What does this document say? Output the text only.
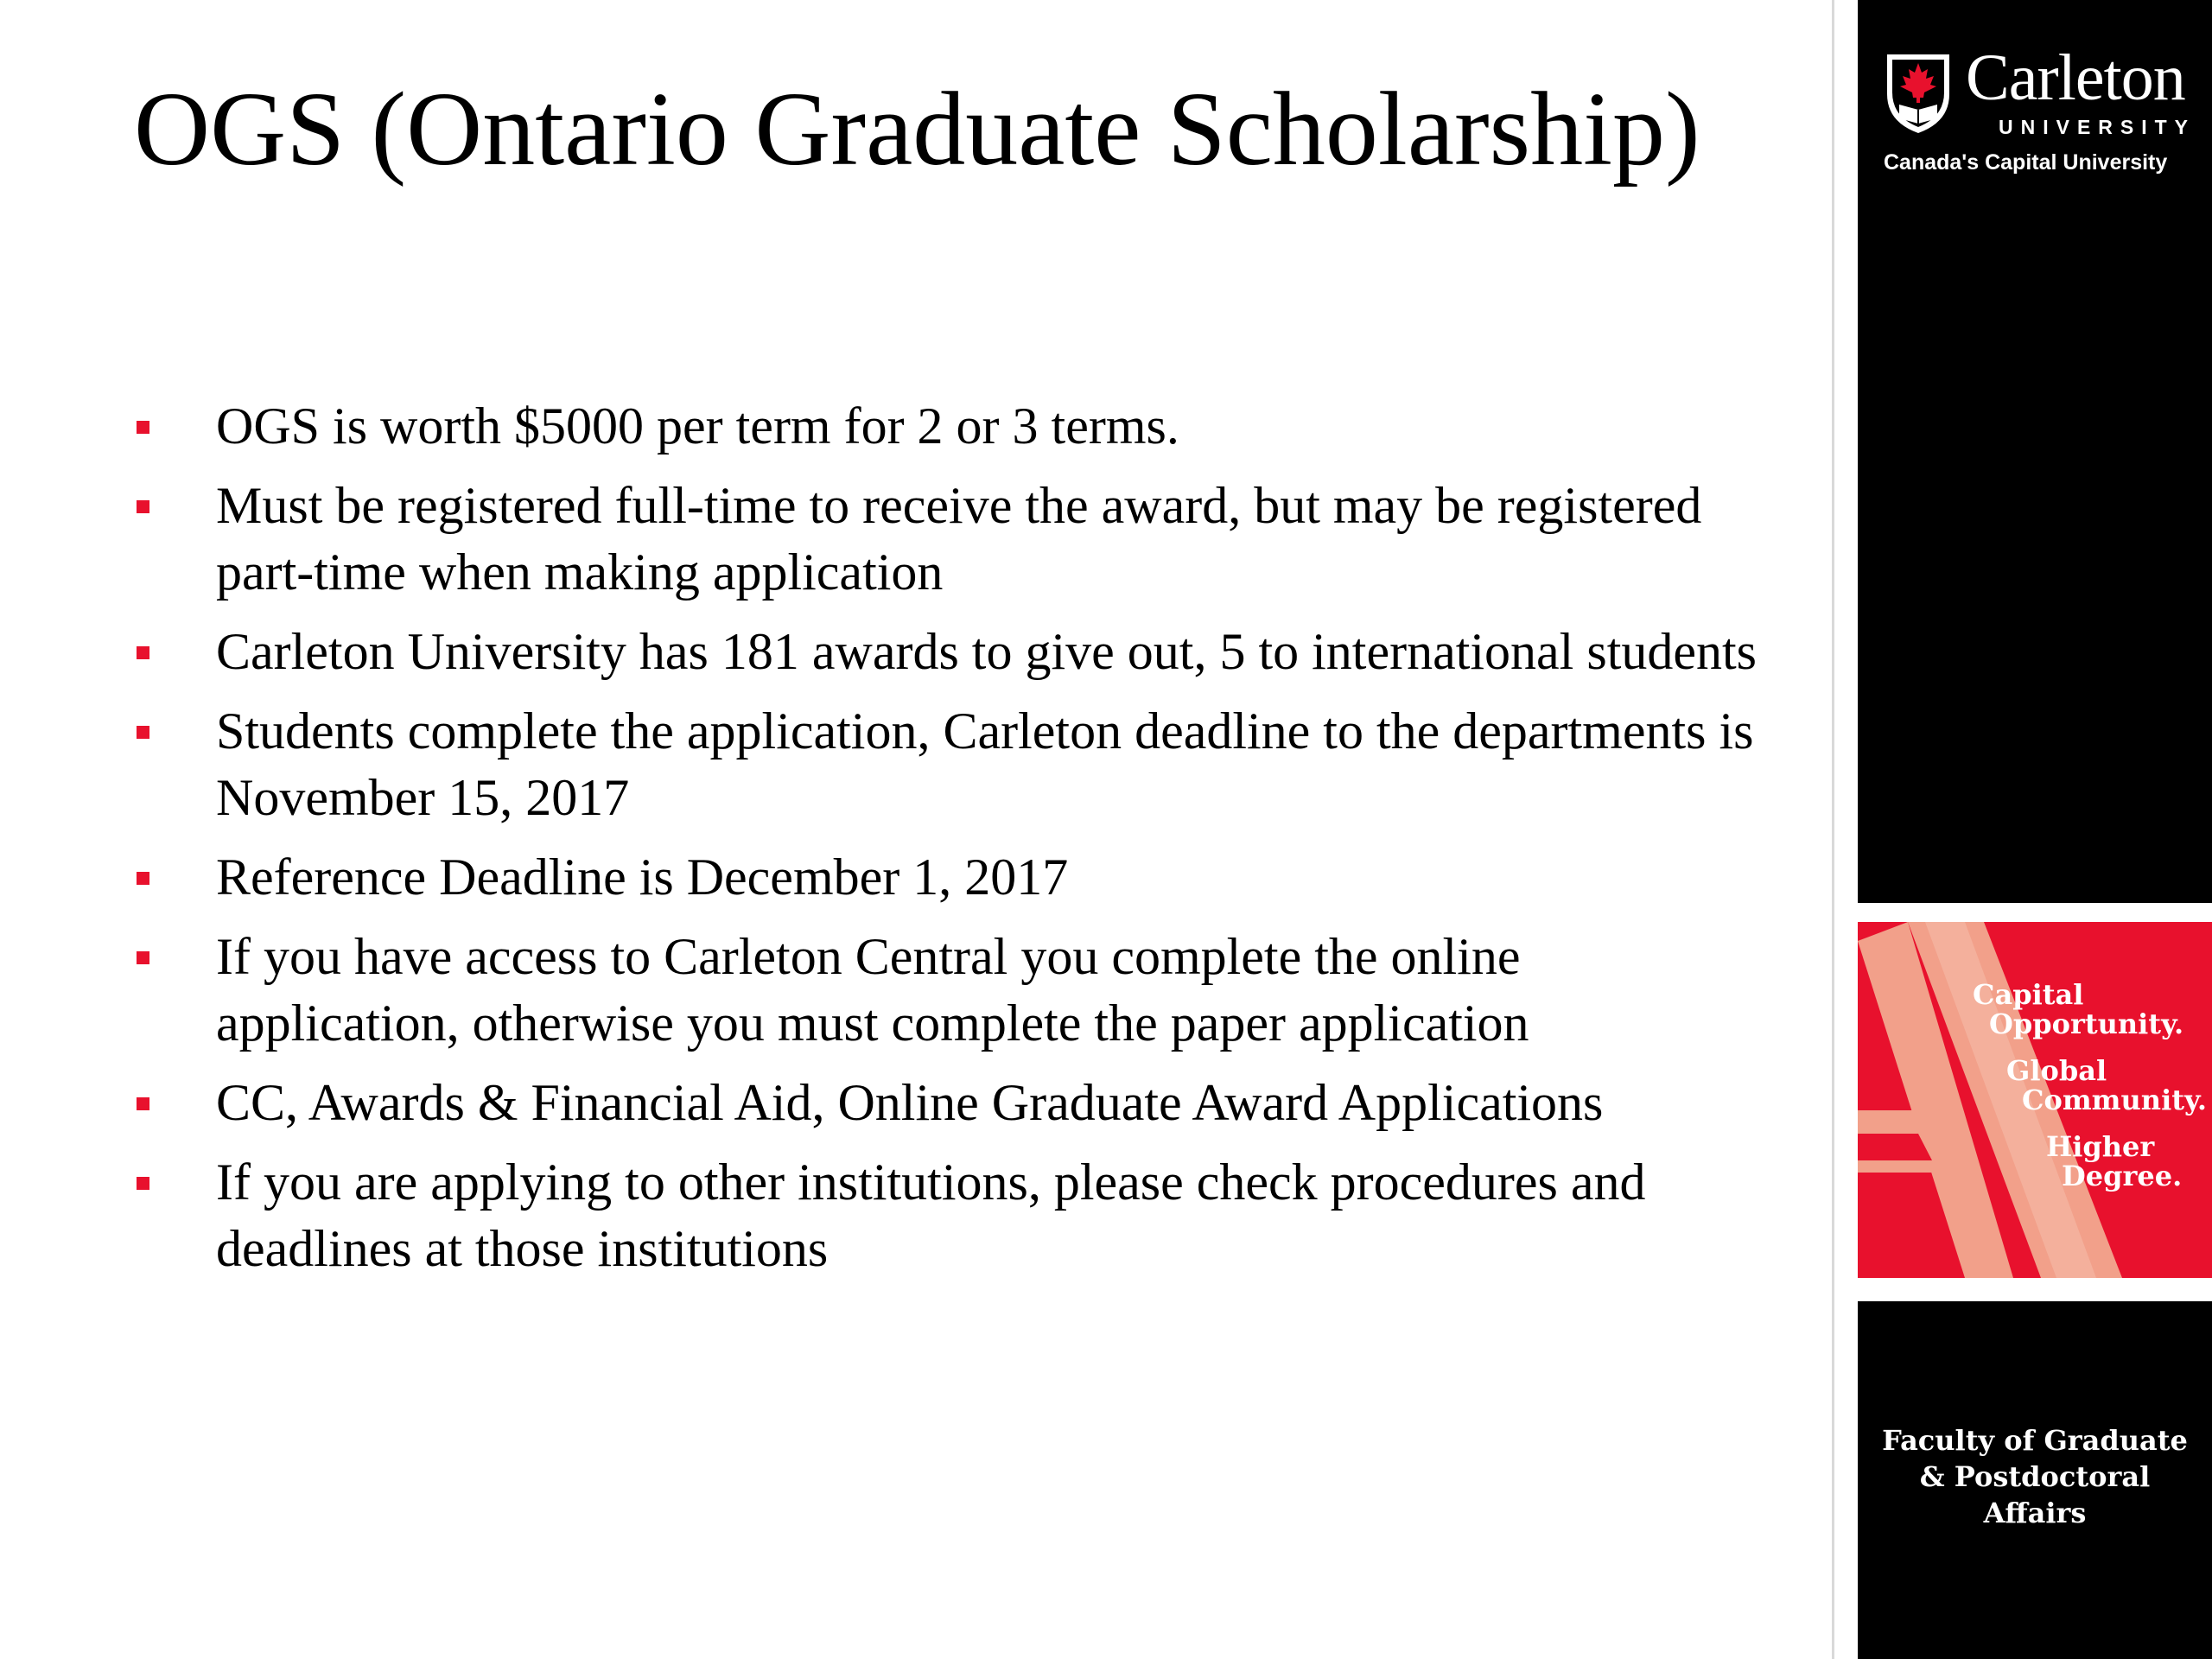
OGS (Ontario Graduate Scholarship)
OGS is worth $5000 per term for 2 or 3 terms.
Must be registered full-time to receive the award, but may be registered part-time when making application
Carleton University has 181 awards to give out, 5 to international students
Students complete the application, Carleton deadline to the departments is November 15, 2017
Reference Deadline is December 1, 2017
If you have access to Carleton Central you complete the online application, otherwise you must complete the paper application
CC, Awards & Financial Aid, Online Graduate Award Applications
If you are applying to other institutions, please check procedures and deadlines at those institutions
Carleton
UNIVERSITY
Canada's Capital University
Capital
Opportunity.
Global
Community.
Higher
Degree.
Faculty of Graduate
& Postdoctoral
Affairs
